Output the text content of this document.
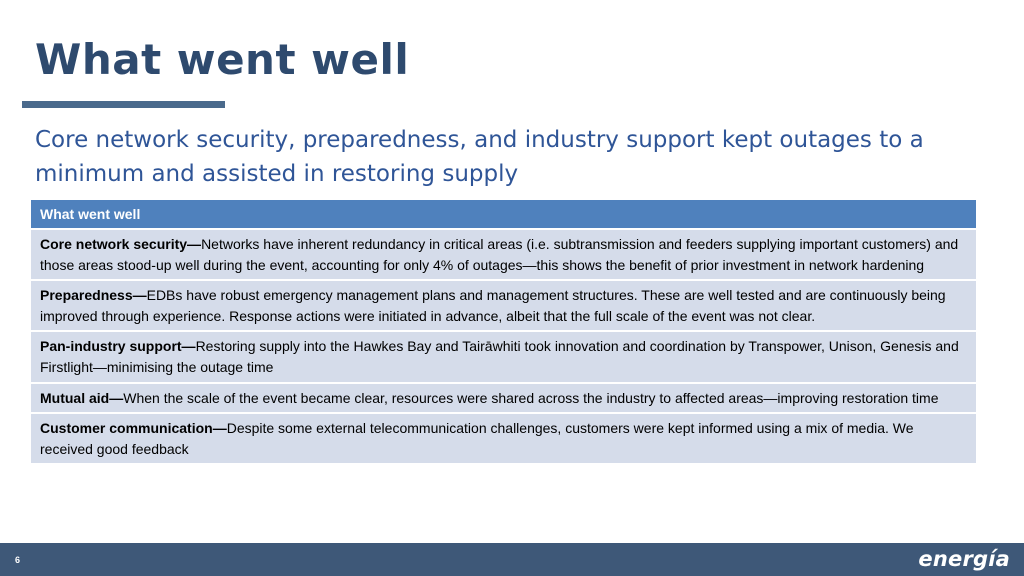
What went well
Core network security, preparedness, and industry support kept outages to a minimum and assisted in restoring supply
What went well
Core network security—Networks have inherent redundancy in critical areas (i.e. subtransmission and feeders supplying important customers) and those areas stood-up well during the event, accounting for only 4% of outages—this shows the benefit of prior investment in network hardening
Preparedness—EDBs have robust emergency management plans and management structures. These are well tested and are continuously being improved through experience. Response actions were initiated in advance, albeit that the full scale of the event was not clear.
Pan-industry support—Restoring supply into the Hawkes Bay and Tairāwhiti took innovation and coordination by Transpower, Unison, Genesis and Firstlight—minimising the outage time
Mutual aid—When the scale of the event became clear, resources were shared across the industry to affected areas—improving restoration time
Customer communication—Despite some external telecommunication challenges, customers were kept informed using a mix of media. We received good feedback
6	energía
